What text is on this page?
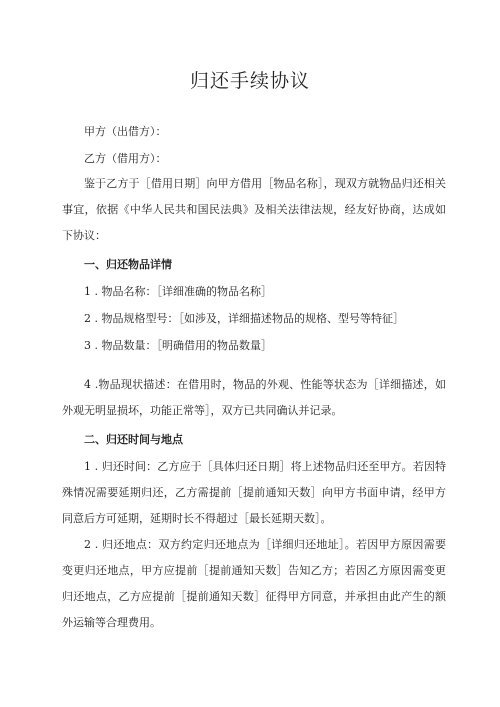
归还手续协议

甲方（出借方）：

乙方（借用方）：

鉴于乙方于［借用日期］向甲方借用［物品名称］，现双方就物品归还相关事宜，依据《中华人民共和国民法典》及相关法律法规，经友好协商，达成如下协议：

一、归还物品详情

1 . 物品名称：［详细准确的物品名称］

2 . 物品规格型号：［如涉及，详细描述物品的规格、型号等特征］

3 . 物品数量：［明确借用的物品数量］

4 .物品现状描述：在借用时，物品的外观、性能等状态为［详细描述，如外观无明显损坏，功能正常等］，双方已共同确认并记录。

二、归还时间与地点

1 . 归还时间：乙方应于［具体归还日期］将上述物品归还至甲方。若因特殊情况需要延期归还，乙方需提前［提前通知天数］向甲方书面申请，经甲方同意后方可延期，延期时长不得超过［最长延期天数］。

2 . 归还地点：双方约定归还地点为［详细归还地址］。若因甲方原因需要变更归还地点，甲方应提前［提前通知天数］告知乙方；若因乙方原因需变更归还地点，乙方应提前［提前通知天数］征得甲方同意，并承担由此产生的额外运输等合理费用。
